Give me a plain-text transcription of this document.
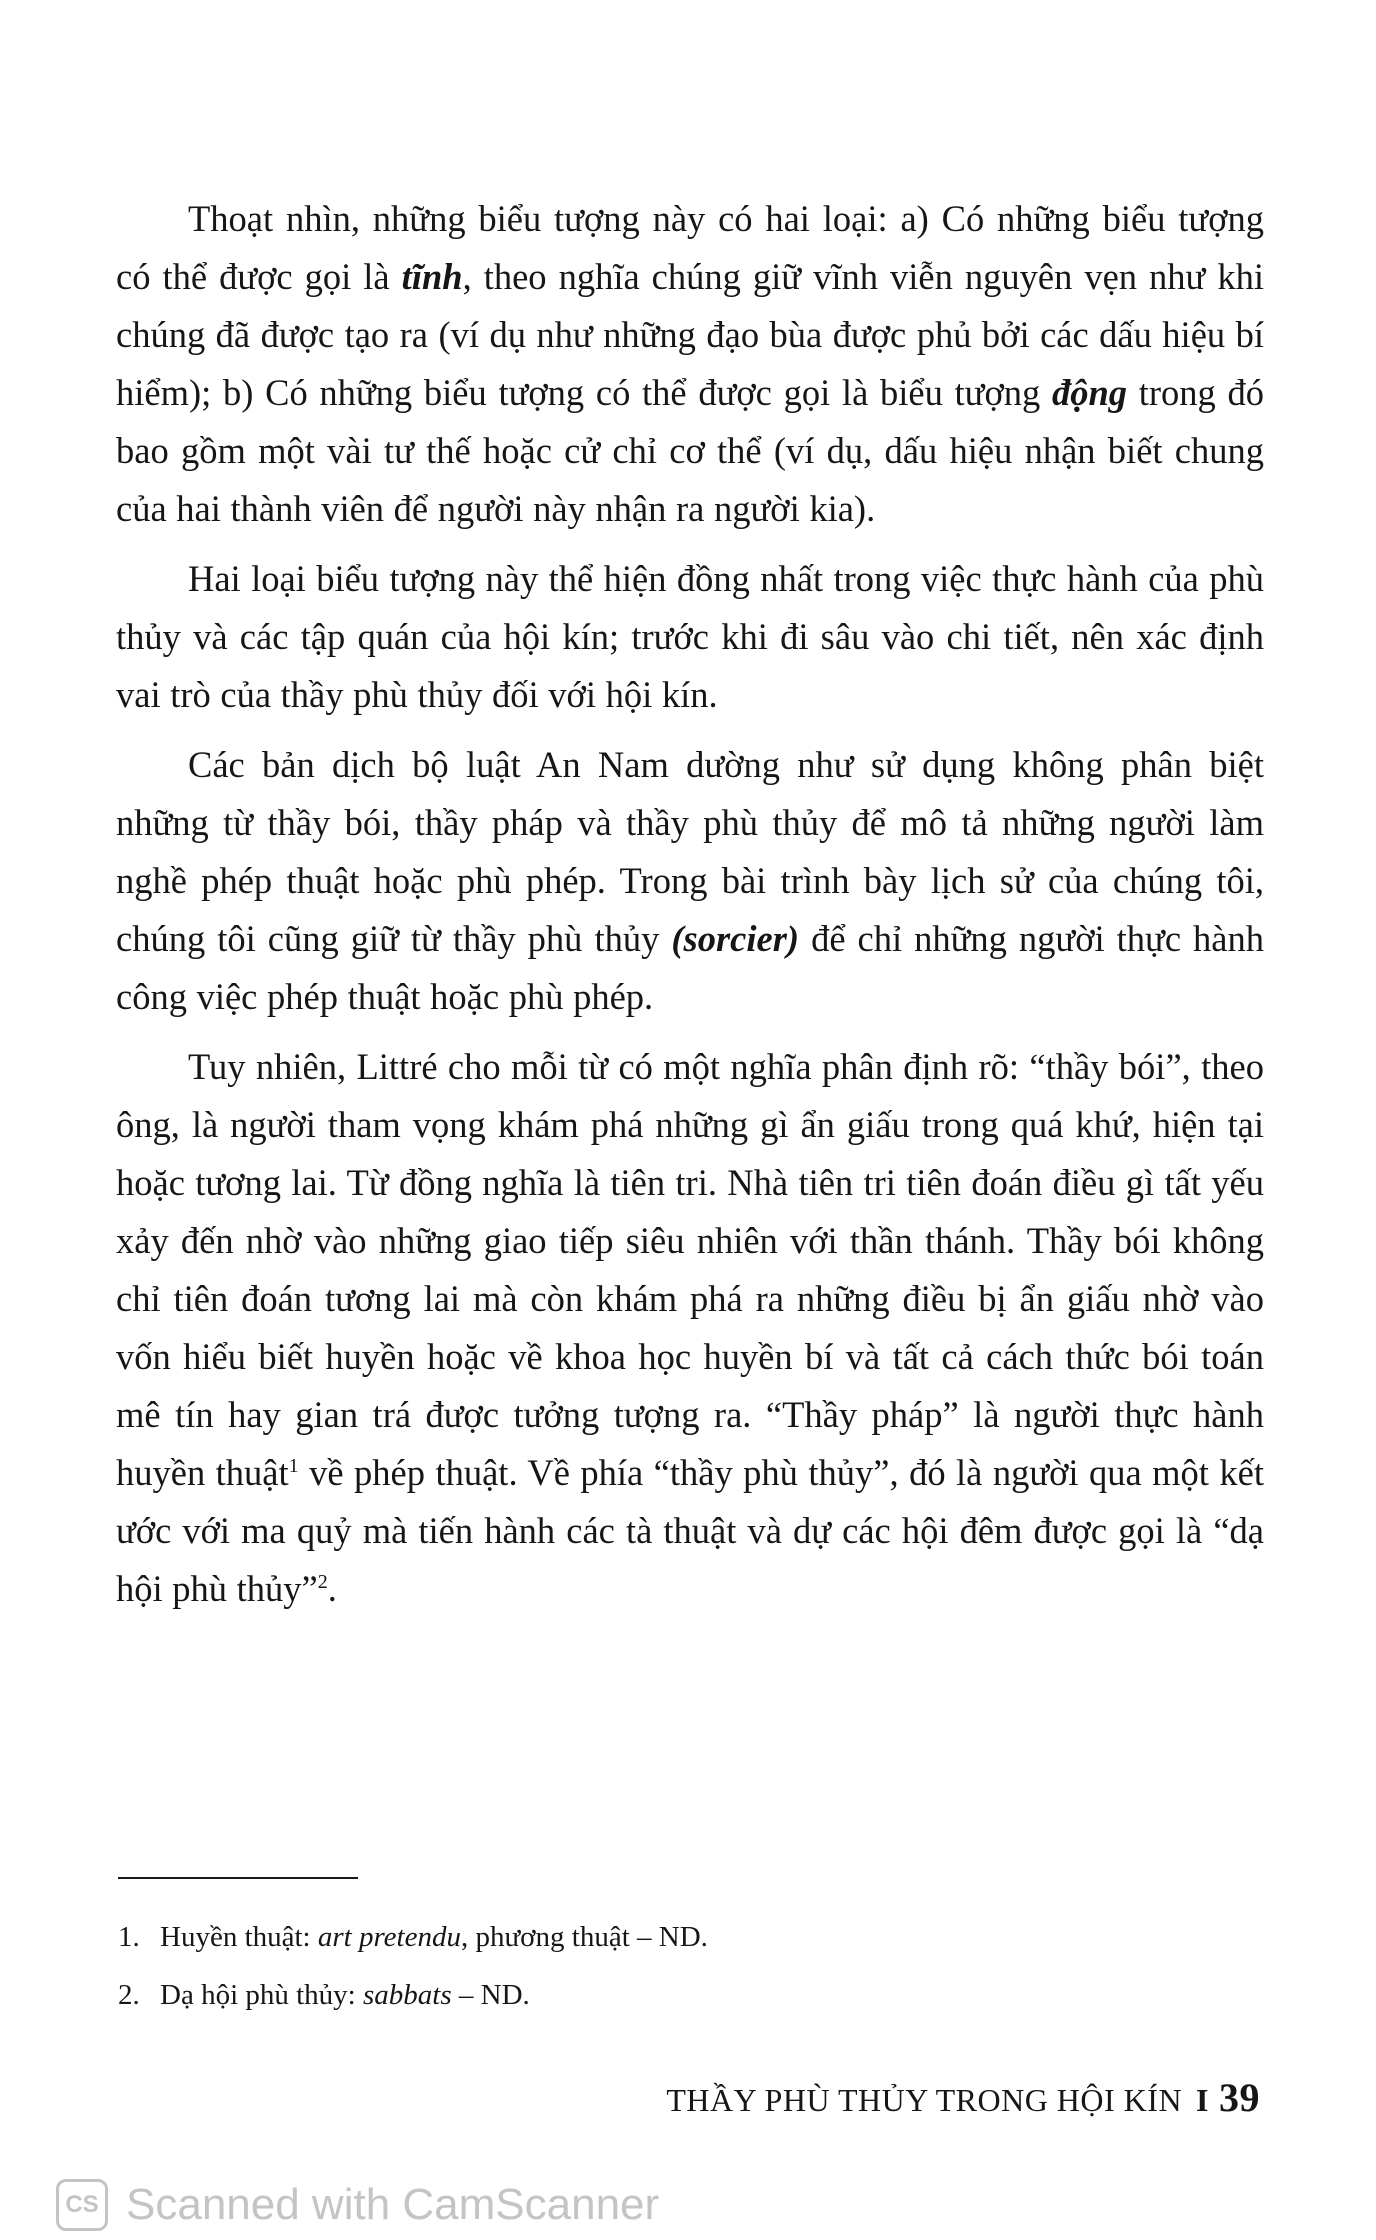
Thoạt nhìn, những biểu tượng này có hai loại: a) Có những biểu tượng có thể được gọi là tĩnh, theo nghĩa chúng giữ vĩnh viễn nguyên vẹn như khi chúng đã được tạo ra (ví dụ như những đạo bùa được phủ bởi các dấu hiệu bí hiểm); b) Có những biểu tượng có thể được gọi là biểu tượng động trong đó bao gồm một vài tư thế hoặc cử chỉ cơ thể (ví dụ, dấu hiệu nhận biết chung của hai thành viên để người này nhận ra người kia).

Hai loại biểu tượng này thể hiện đồng nhất trong việc thực hành của phù thủy và các tập quán của hội kín; trước khi đi sâu vào chi tiết, nên xác định vai trò của thầy phù thủy đối với hội kín.

Các bản dịch bộ luật An Nam dường như sử dụng không phân biệt những từ thầy bói, thầy pháp và thầy phù thủy để mô tả những người làm nghề phép thuật hoặc phù phép. Trong bài trình bày lịch sử của chúng tôi, chúng tôi cũng giữ từ thầy phù thủy (sorcier) để chỉ những người thực hành công việc phép thuật hoặc phù phép.

Tuy nhiên, Littré cho mỗi từ có một nghĩa phân định rõ: “thầy bói”, theo ông, là người tham vọng khám phá những gì ẩn giấu trong quá khứ, hiện tại hoặc tương lai. Từ đồng nghĩa là tiên tri. Nhà tiên tri tiên đoán điều gì tất yếu xảy đến nhờ vào những giao tiếp siêu nhiên với thần thánh. Thầy bói không chỉ tiên đoán tương lai mà còn khám phá ra những điều bị ẩn giấu nhờ vào vốn hiểu biết huyền hoặc về khoa học huyền bí và tất cả cách thức bói toán mê tín hay gian trá được tưởng tượng ra. “Thầy pháp” là người thực hành huyền thuật$^1$ về phép thuật. Về phía “thầy phù thủy”, đó là người qua một kết ước với ma quỷ mà tiến hành các tà thuật và dự các hội đêm được gọi là “dạ hội phù thủy”$^2$.

1. Huyền thuật: art pretendu, phương thuật – ND.

2. Dạ hội phù thủy: sabbats – ND.

THẦY PHÙ THỦY TRONG HỘI KÍN I 39
CS Scanned with CamScanner
